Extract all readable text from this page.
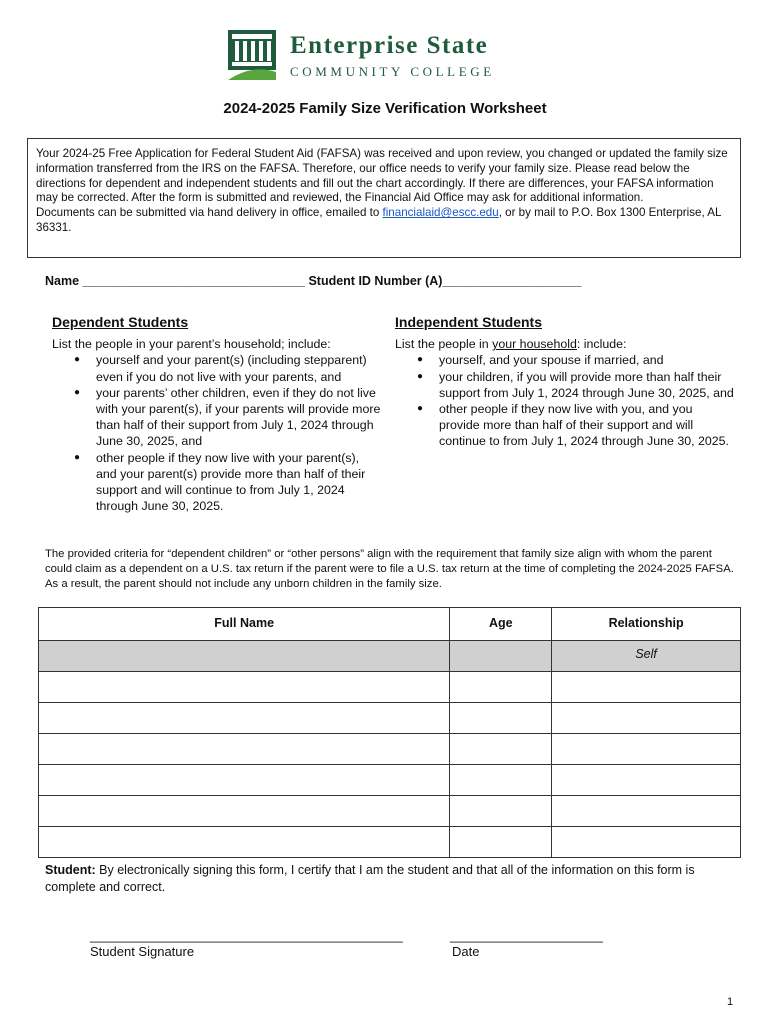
Enterprise State
COMMUNITY COLLEGE
2024-2025 Family Size Verification Worksheet

Your 2024-25 Free Application for Federal Student Aid (FAFSA) was received and upon review, you changed or updated the family size information transferred from the IRS on the FAFSA. Therefore, our office needs to verify your family size. Please read below the directions for dependent and independent students and fill out the chart accordingly. If there are differences, your FAFSA information may be corrected. After the form is submitted and reviewed, the Financial Aid Office may ask for additional information.

Documents can be submitted via hand delivery in office, emailed to financialaid@escc.edu, or by mail to P.O. Box 1300 Enterprise, AL 36331.

Name ________________________________ Student ID Number (A)____________________
Dependent Students

List the people in your parent’s household; include:

● yourself and your parent(s) (including stepparent) even if you do not live with your parents, and
● your parents’ other children, even if they do not live with your parent(s), if your parents will provide more than half of their support from July 1, 2024 through June 30, 2025, and
● other people if they now live with your parent(s), and your parent(s) provide more than half of their support and will continue to from July 1, 2024 through June 30, 2025.
Independent Students

List the people in your household: include:

● yourself, and your spouse if married, and
● your children, if you will provide more than half their support from July 1, 2024 through June 30, 2025, and
● other people if they now live with you, and you provide more than half of their support and will continue to from July 1, 2024 through June 30, 2025.
The provided criteria for “dependent children” or “other persons” align with the requirement that family size align with whom the parent could claim as a dependent on a U.S. tax return if the parent were to file a U.S. tax return at the time of completing the 2024-2025 FAFSA. As a result, the parent should not include any unborn children in the family size.
Full Name	Age	Relationship
		Self

Student: By electronically signing this form, I certify that I am the student and that all of the information on this form is complete and correct.
_____________________________________________	______________________
Student Signature	Date
1
